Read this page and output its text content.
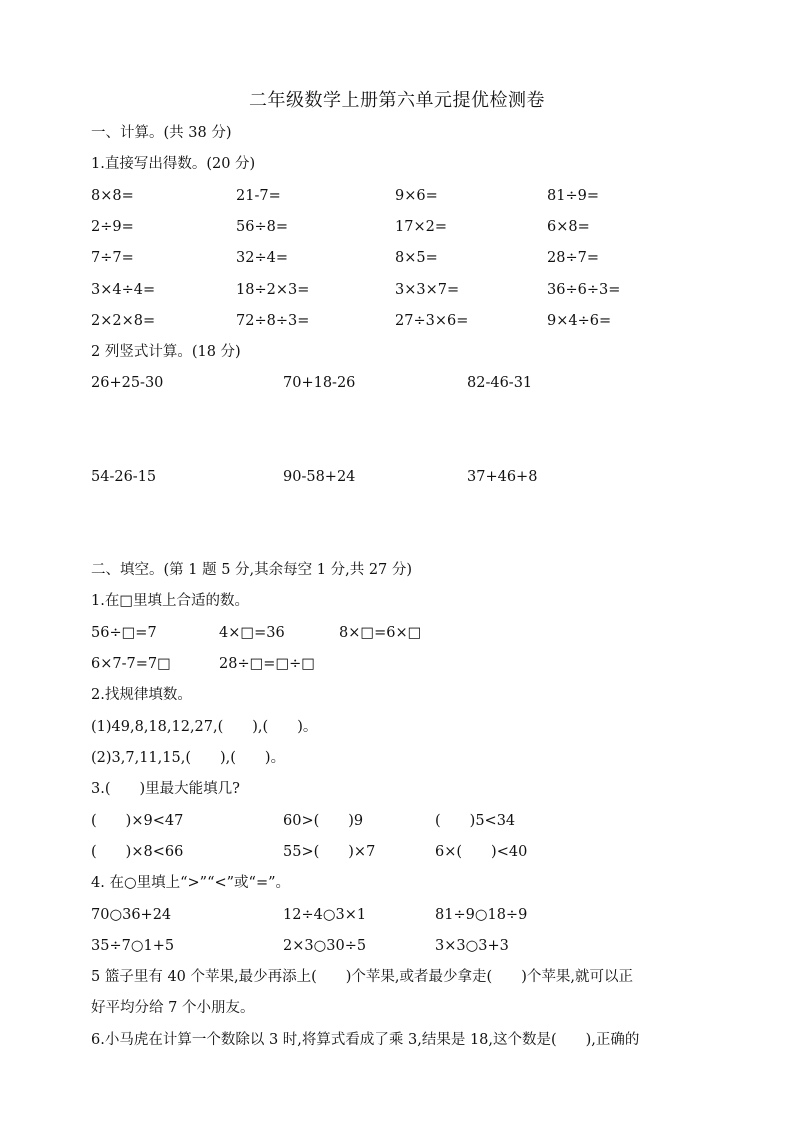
二年级数学上册第六单元提优检测卷
一、计算。(共 38 分)
1.直接写出得数。(20 分)
8×8=	21-7=	9×6=	81÷9=
2÷9=	56÷8=	17×2=	6×8=
7÷7=	32÷4=	8×5=	28÷7=
3×4÷4=	18÷2×3=	3×3×7=	36÷6÷3=
2×2×8=	72÷8÷3=	27÷3×6=	9×4÷6=
2 列竖式计算。(18 分)
26+25-30	70+18-26	82-46-31
54-26-15	90-58+24	37+46+8
二、填空。(第 1 题 5 分,其余每空 1 分,共 27 分)
1.在□里填上合适的数。
56÷□=7	4×□=36	8×□=6×□
6×7-7=7□	28÷□=□÷□
2.找规律填数。
(1)49,8,18,12,27,(　　),(　　)。
(2)3,7,11,15,(　　),(　　)。
3.(　　)里最大能填几?
(　　)×9<47	60>(　　)9	(　　)5<34
(　　)×8<66	55>(　　)×7	6×(　　)<40
4. 在○里填上“>”“<”或“=”。
70○36+24	12÷4○3×1	81÷9○18÷9
35÷7○1+5	2×3○30÷5	3×3○3+3
5 篮子里有 40 个苹果,最少再添上(　　)个苹果,或者最少拿走(　　)个苹果,就可以正
好平均分给 7 个小朋友。
6.小马虎在计算一个数除以 3 时,将算式看成了乘 3,结果是 18,这个数是(　　),正确的
